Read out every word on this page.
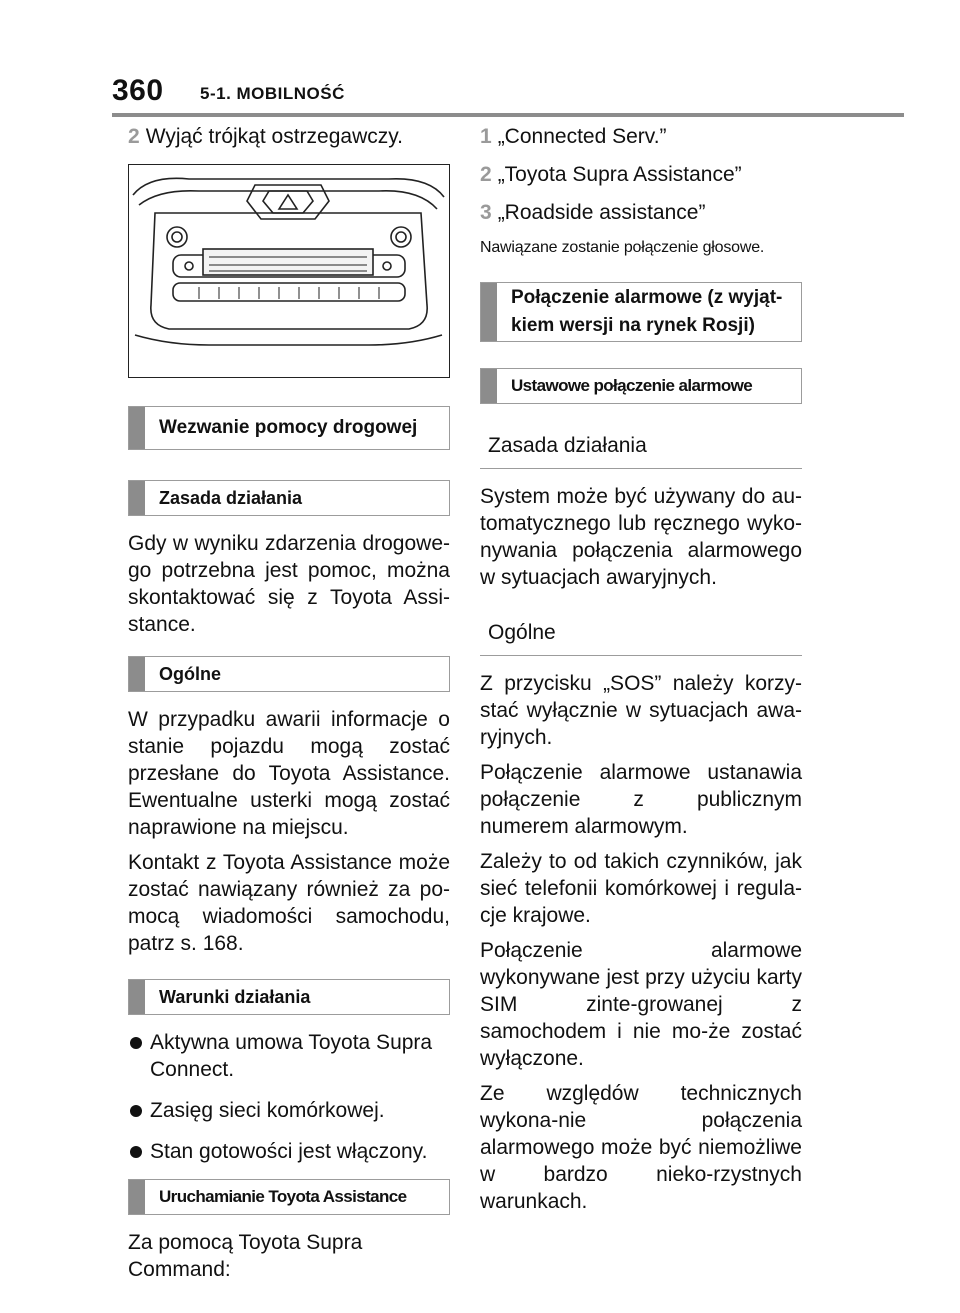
360 5-1. MOBILNOŚĆ

2 Wyjąć trójkąt ostrzegawczy.

Wezwanie pomocy drogowej
Zasada działania

Gdy w wyniku zdarzenia drogowe-go potrzebna jest pomoc, można skontaktować się z Toyota Assi-stance.

Ogólne

W przypadku awarii informacje o stanie pojazdu mogą zostać przesłane do Toyota Assistance. Ewentualne usterki mogą zostać naprawione na miejscu.

Kontakt z Toyota Assistance może zostać nawiązany również za po-mocą wiadomości samochodu, patrz s. 168.

Warunki działania
Aktywna umowa Toyota Supra Connect.
Zasięg sieci komórkowej.
Stan gotowości jest włączony.
Uruchamianie Toyota Assistance

Za pomocą Toyota Supra Command:

1 „Connected Serv.”

2 „Toyota Supra Assistance”

3 „Roadside assistance”

Nawiązane zostanie połączenie głosowe.

Połączenie alarmowe (z wyjąt-kiem wersji na rynek Rosji)
Ustawowe połączenie alarmowe
Zasada działania

System może być używany do au-tomatycznego lub ręcznego wyko-nywania połączenia alarmowego w sytuacjach awaryjnych.

Ogólne

Z przycisku „SOS” należy korzy-stać wyłącznie w sytuacjach awa-ryjnych.

Połączenie alarmowe ustanawia połączenie z publicznym numerem alarmowym.

Zależy to od takich czynników, jak sieć telefonii komórkowej i regula-cje krajowe.

Połączenie alarmowe wykonywane jest przy użyciu karty SIM zinte-growanej z samochodem i nie mo-że zostać wyłączone.

Ze względów technicznych wykona-nie połączenia alarmowego może być niemożliwe w bardzo nieko-rzystnych warunkach.
